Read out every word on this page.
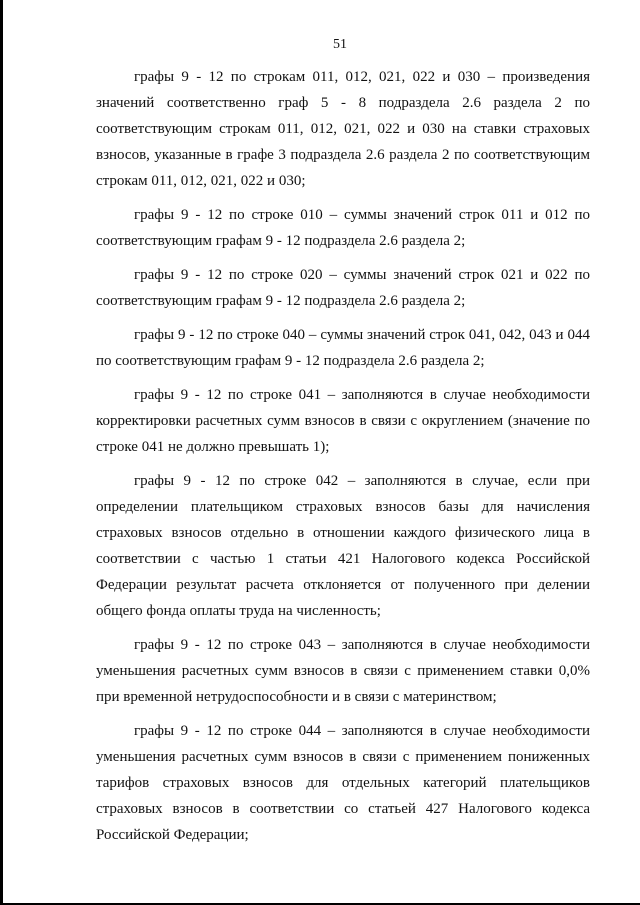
51

графы 9 - 12 по строкам 011, 012, 021, 022 и 030 – произведения значений соответственно граф 5 - 8 подраздела 2.6 раздела 2 по соответствующим строкам 011, 012, 021, 022 и 030 на ставки страховых взносов, указанные в графе 3 подраздела 2.6 раздела 2 по соответствующим строкам 011, 012, 021, 022 и 030;

графы 9 - 12 по строке 010 – суммы значений строк 011 и 012 по соответствующим графам 9 - 12 подраздела 2.6 раздела 2;

графы 9 - 12 по строке 020 – суммы значений строк 021 и 022 по соответствующим графам 9 - 12 подраздела 2.6 раздела 2;

графы 9 - 12 по строке 040 – суммы значений строк 041, 042, 043 и 044 по соответствующим графам 9 - 12 подраздела 2.6 раздела 2;

графы 9 - 12 по строке 041 – заполняются в случае необходимости корректировки расчетных сумм взносов в связи с округлением (значение по строке 041 не должно превышать 1);

графы 9 - 12 по строке 042 – заполняются в случае, если при определении плательщиком страховых взносов базы для начисления страховых взносов отдельно в отношении каждого физического лица в соответствии с частью 1 статьи 421 Налогового кодекса Российской Федерации результат расчета отклоняется от полученного при делении общего фонда оплаты труда на численность;

графы 9 - 12 по строке 043 – заполняются в случае необходимости уменьшения расчетных сумм взносов в связи с применением ставки 0,0% при временной нетрудоспособности и в связи с материнством;

графы 9 - 12 по строке 044 – заполняются в случае необходимости уменьшения расчетных сумм взносов в связи с применением пониженных тарифов страховых взносов для отдельных категорий плательщиков страховых взносов в соответствии со статьей 427 Налогового кодекса Российской Федерации;
